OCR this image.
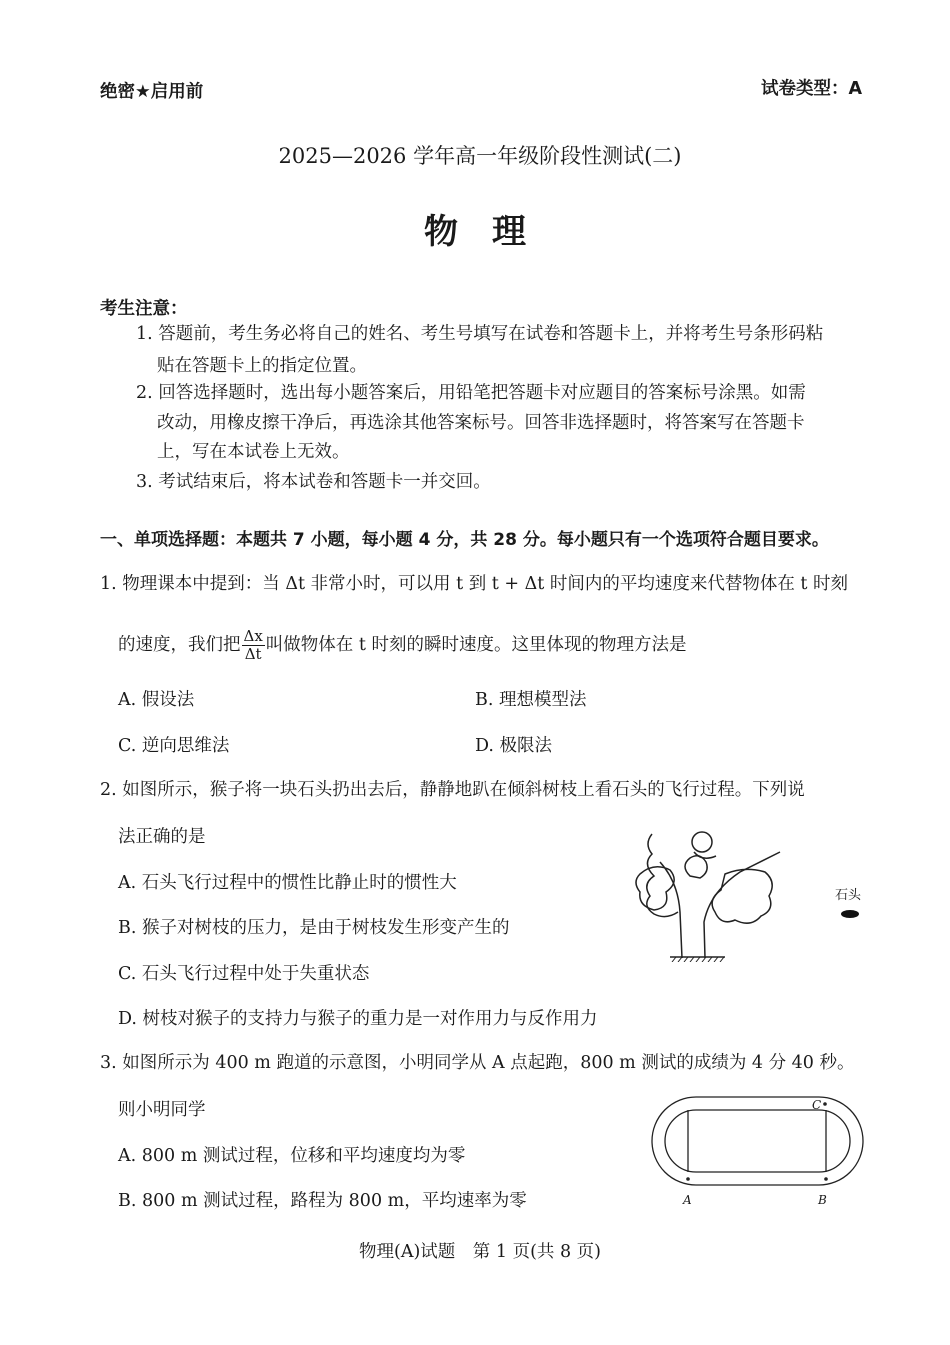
绝密★启用前	试卷类型：A
2025—2026 学年高一年级阶段性测试(二)
物　理
考生注意：
1. 答题前，考生务必将自己的姓名、考生号填写在试卷和答题卡上，并将考生号条形码粘
贴在答题卡上的指定位置。
2. 回答选择题时，选出每小题答案后，用铅笔把答题卡对应题目的答案标号涂黑。如需
改动，用橡皮擦干净后，再选涂其他答案标号。回答非选择题时，将答案写在答题卡
上，写在本试卷上无效。
3. 考试结束后，将本试卷和答题卡一并交回。
一、单项选择题：本题共 7 小题，每小题 4 分，共 28 分。每小题只有一个选项符合题目要求。
1. 物理课本中提到：当 Δt 非常小时，可以用 t 到 t + Δt 时间内的平均速度来代替物体在 t 时刻
的速度，我们把 $\frac{\Delta x}{\Delta t}$ 叫做物体在 t 时刻的瞬时速度。这里体现的物理方法是
A. 假设法	B. 理想模型法
C. 逆向思维法	D. 极限法
2. 如图所示，猴子将一块石头扔出去后，静静地趴在倾斜树枝上看石头的飞行过程。下列说
法正确的是
A. 石头飞行过程中的惯性比静止时的惯性大
B. 猴子对树枝的压力，是由于树枝发生形变产生的
C. 石头飞行过程中处于失重状态
D. 树枝对猴子的支持力与猴子的重力是一对作用力与反作用力
石头
3. 如图所示为 400 m 跑道的示意图，小明同学从 A 点起跑，800 m 测试的成绩为 4 分 40 秒。
则小明同学
A. 800 m 测试过程，位移和平均速度均为零
B. 800 m 测试过程，路程为 800 m，平均速率为零	A	B
C
物理(A)试题　第 1 页(共 8 页)
